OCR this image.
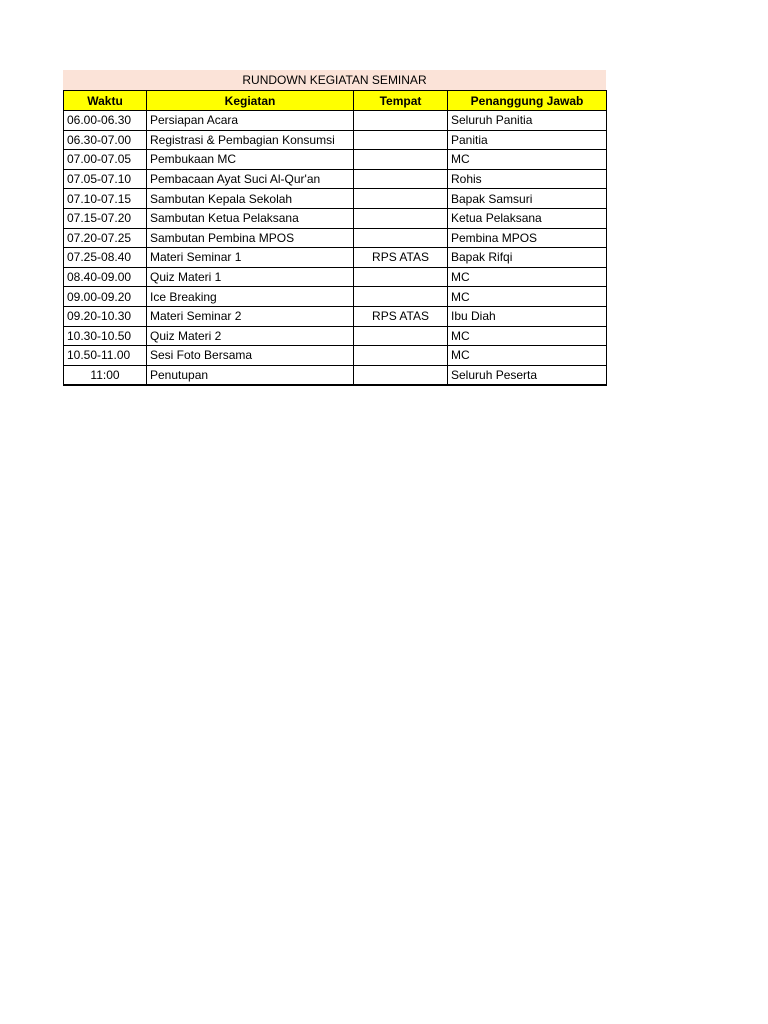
RUNDOWN KEGIATAN SEMINAR
Waktu	Kegiatan	Tempat	Penanggung Jawab
06.00-06.30	Persiapan Acara		Seluruh Panitia
06.30-07.00	Registrasi & Pembagian Konsumsi		Panitia
07.00-07.05	Pembukaan MC		MC
07.05-07.10	Pembacaan Ayat Suci Al-Qur'an		Rohis
07.10-07.15	Sambutan Kepala Sekolah		Bapak Samsuri
07.15-07.20	Sambutan Ketua Pelaksana		Ketua Pelaksana
07.20-07.25	Sambutan Pembina MPOS		Pembina MPOS
07.25-08.40	Materi Seminar 1	RPS ATAS	Bapak Rifqi
08.40-09.00	Quiz Materi 1		MC
09.00-09.20	Ice Breaking		MC
09.20-10.30	Materi Seminar 2	RPS ATAS	Ibu Diah
10.30-10.50	Quiz Materi 2		MC
10.50-11.00	Sesi Foto Bersama		MC
11:00	Penutupan		Seluruh Peserta
